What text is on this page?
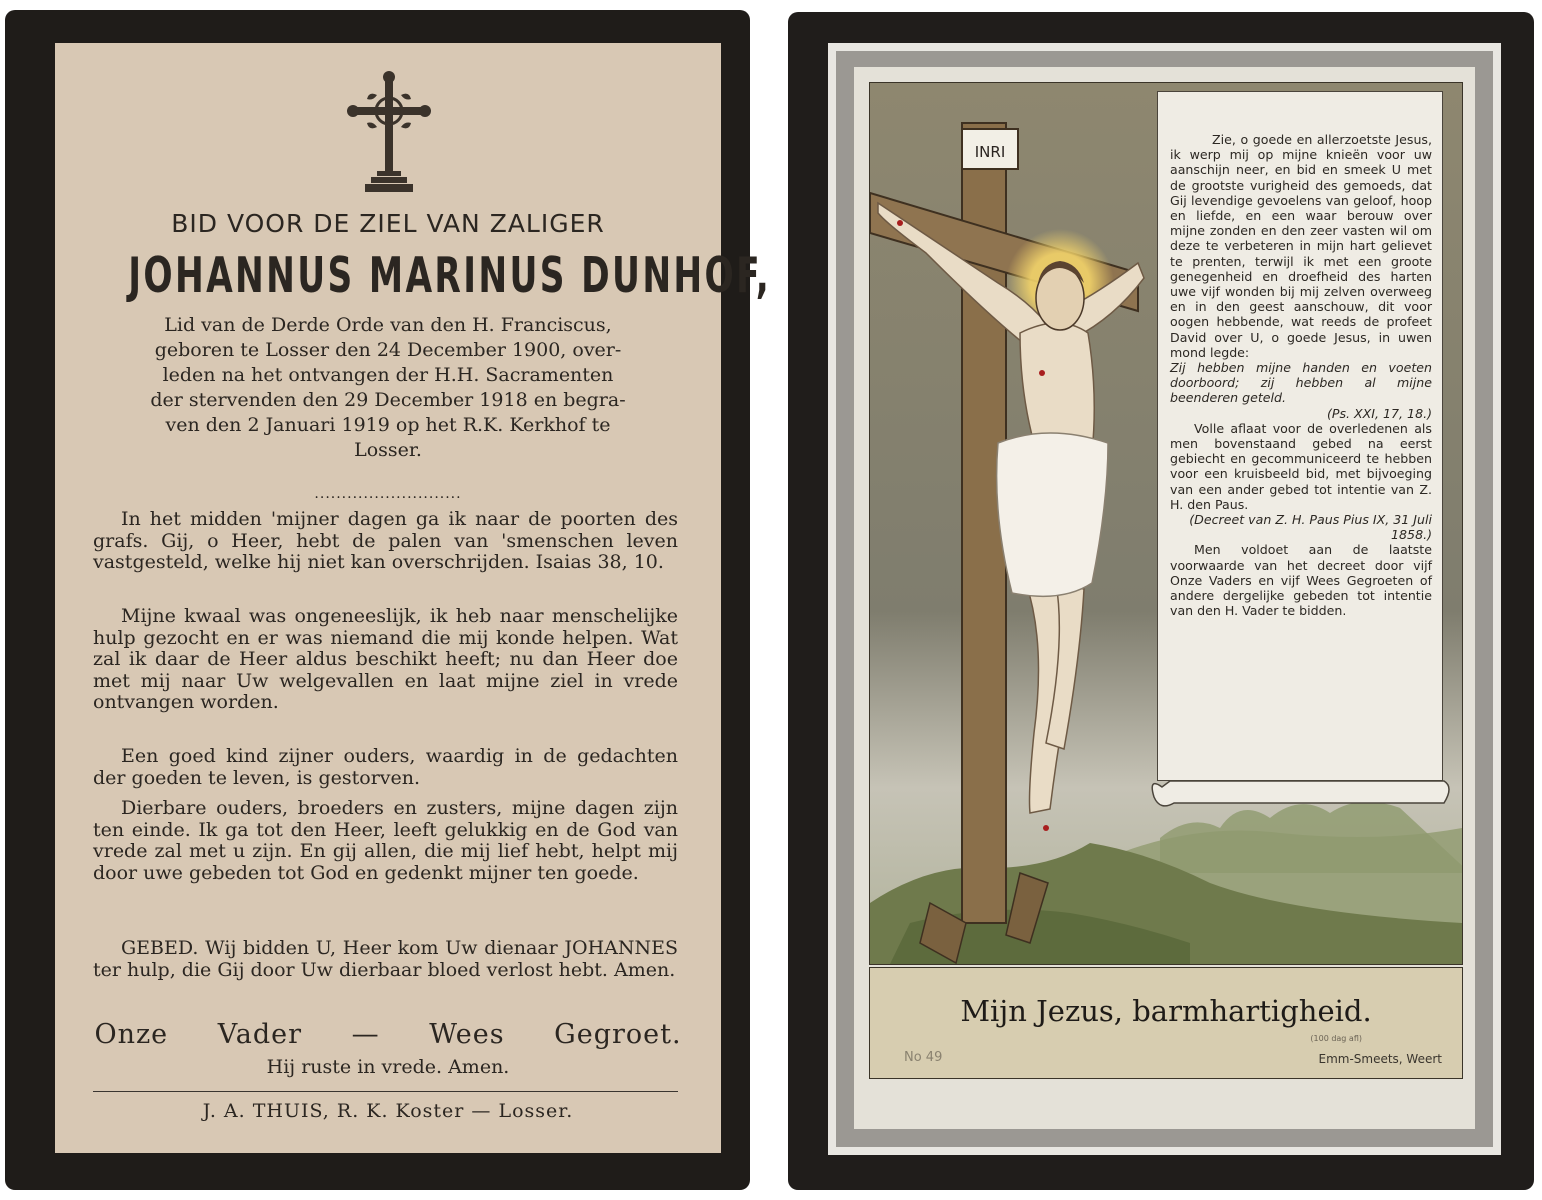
BID VOOR DE ZIEL VAN ZALIGER
JOHANNUS MARINUS DUNHOF,
Lid van de Derde Orde van den H. Franciscus,
geboren te Losser den 24 December 1900, over-
leden na het ontvangen der H.H. Sacramenten
der stervenden den 29 December 1918 en begra-
ven den 2 Januari 1919 op het R.K. Kerkhof te
Losser.
...........................
In het midden 'mijner dagen ga ik naar de poorten des grafs. Gij, o Heer, hebt de palen van 'smenschen leven vastgesteld, welke hij niet kan overschrijden. Isaias 38, 10.
Mijne kwaal was ongeneeslijk, ik heb naar menschelijke hulp gezocht en er was niemand die mij konde helpen. Wat zal ik daar de Heer aldus beschikt heeft; nu dan Heer doe met mij naar Uw welgevallen en laat mijne ziel in vrede ontvangen worden.
Een goed kind zijner ouders, waardig in de gedachten der goeden te leven, is gestorven.
Dierbare ouders, broeders en zusters, mijne dagen zijn ten einde. Ik ga tot den Heer, leeft gelukkig en de God van vrede zal met u zijn. En gij allen, die mij lief hebt, helpt mij door uwe gebeden tot God en gedenkt mijner ten goede.
GEBED. Wij bidden U, Heer kom Uw dienaar JOHANNES ter hulp, die Gij door Uw dierbaar bloed verlost hebt. Amen.
Onze Vader — Wees Gegroet.
Hij ruste in vrede. Amen.
J. A. THUIS, R. K. Koster — Losser.
INRI
Zie, o goede en allerzoetste Jesus, ik werp mij op mijne knieën voor uw aanschijn neer, en bid en smeek U met de grootste vurigheid des gemoeds, dat Gij levendige gevoelens van geloof, hoop en liefde, en een waar berouw over mijne zonden en den zeer vasten wil om deze te verbeteren in mijn hart gelievet te prenten, terwijl ik met een groote genegenheid en droefheid des harten uwe vijf wonden bij mij zelven overweeg en in den geest aanschouw, dit voor oogen hebbende, wat reeds de profeet David over U, o goede Jesus, in uwen mond legde:
Zij hebben mijne handen en voeten doorboord; zij hebben al mijne beenderen geteld.
(Ps. XXI, 17, 18.)
Volle aflaat voor de overledenen als men bovenstaand gebed na eerst gebiecht en gecommuniceerd te hebben voor een kruisbeeld bid, met bijvoeging van een ander gebed tot intentie van Z. H. den Paus.
(Decreet van Z. H. Paus Pius IX, 31 Juli 1858.)
Men voldoet aan de laatste voorwaarde van het decreet door vijf Onze Vaders en vijf Wees Gegroeten of andere dergelijke gebeden tot intentie van den H. Vader te bidden.
Mijn Jezus, barmhartigheid.
(100 dag afl)
No 49	Emm-Smeets, Weert
